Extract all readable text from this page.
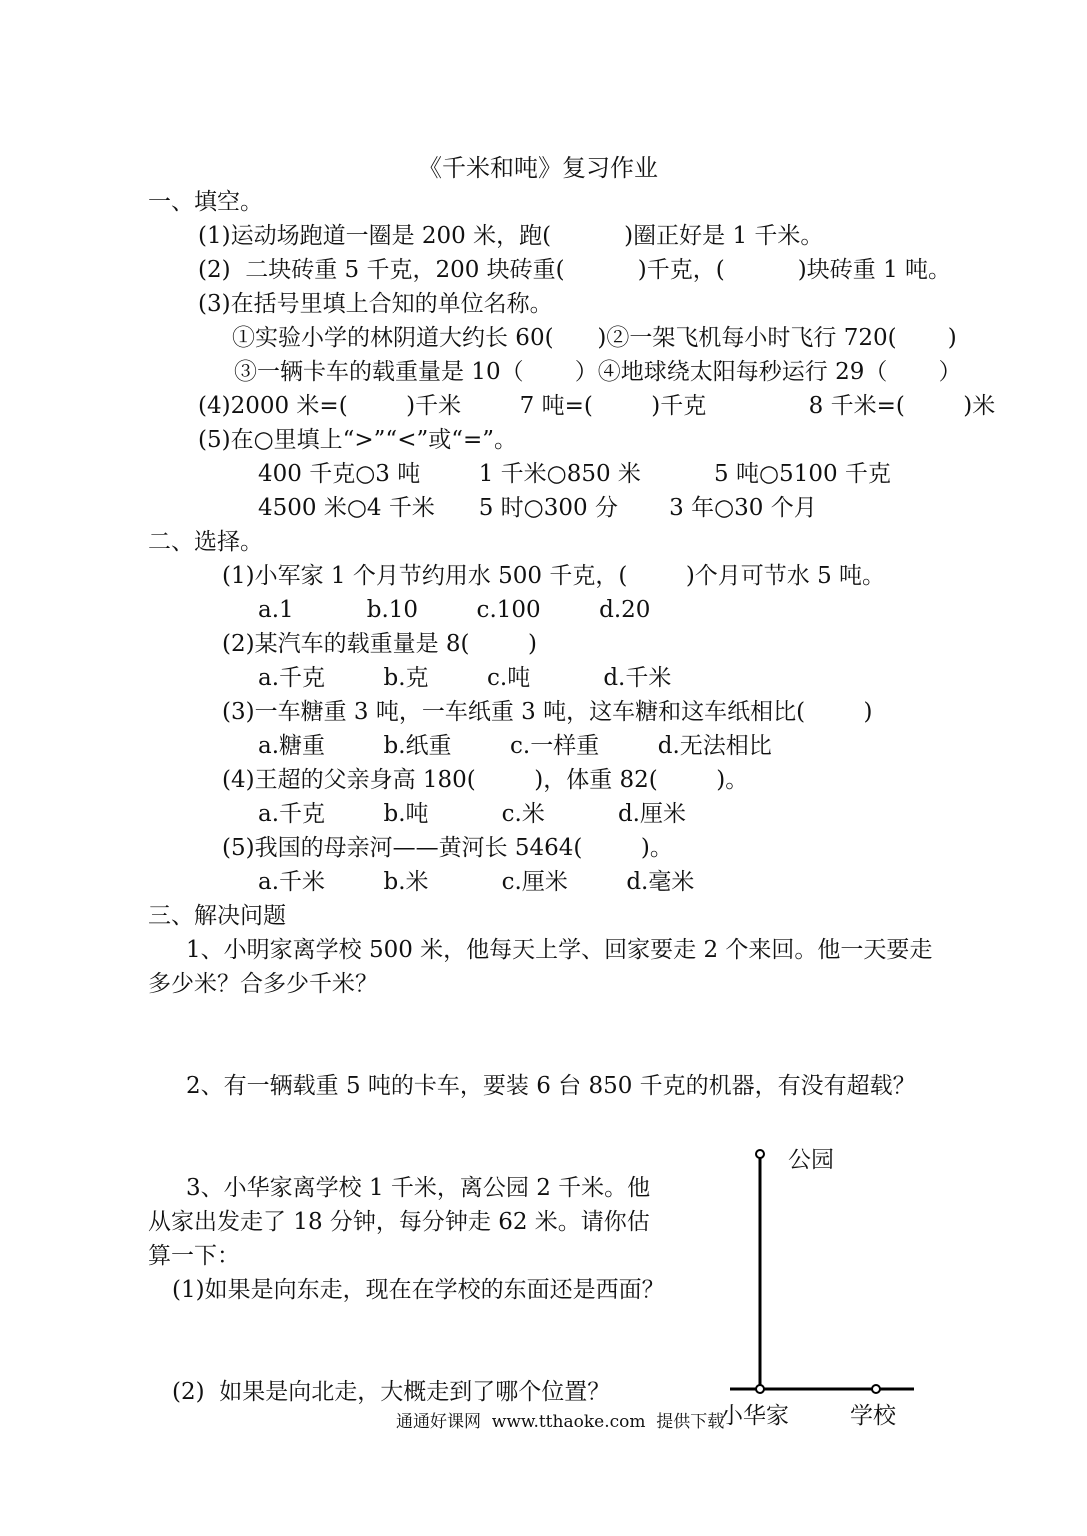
《千米和吨》复习作业
一、填空。
(1)运动场跑道一圈是 200 米，跑(          )圈正好是 1 千米。
(2)  二块砖重 5 千克，200 块砖重(          )千克，(          )块砖重 1 吨。
(3)在括号里填上合知的单位名称。
①实验小学的林阴道大约长 60(      )②一架飞机每小时飞行 720(       )
③一辆卡车的载重量是 10（       ）④地球绕太阳每秒运行 29（       ）
(4)2000 米=(        )千米        7 吨=(        )千克              8 千米=(        )米
(5)在○里填上“>”“<”或“=”。
400 千克○3 吨        1 千米○850 米          5 吨○5100 千克
4500 米○4 千米      5 时○300 分       3 年○30 个月
二、选择。
(1)小军家 1 个月节约用水 500 千克，(        )个月可节水 5 吨。
a.1          b.10        c.100        d.20
(2)某汽车的载重量是 8(        )
a.千克        b.克        c.吨          d.千米
(3)一车糖重 3 吨，一车纸重 3 吨，这车糖和这车纸相比(        )
a.糖重        b.纸重        c.一样重        d.无法相比
(4)王超的父亲身高 180(        )，体重 82(        )。
a.千克        b.吨          c.米          d.厘米
(5)我国的母亲河——黄河长 5464(        )。
a.千米        b.米          c.厘米        d.毫米
三、解决问题
1、小明家离学校 500 米，他每天上学、回家要走 2 个来回。他一天要走
多少米？合多少千米？
2、有一辆载重 5 吨的卡车，要装 6 台 850 千克的机器，有没有超载？
3、小华家离学校 1 千米，离公园 2 千米。他
从家出发走了 18 分钟，每分钟走 62 米。请你估
算一下：
(1)如果是向东走，现在在学校的东面还是西面？
(2)  如果是向北走，大概走到了哪个位置？
公园
小华家	学校
通通好课网  www.tthaoke.com  提供下载
